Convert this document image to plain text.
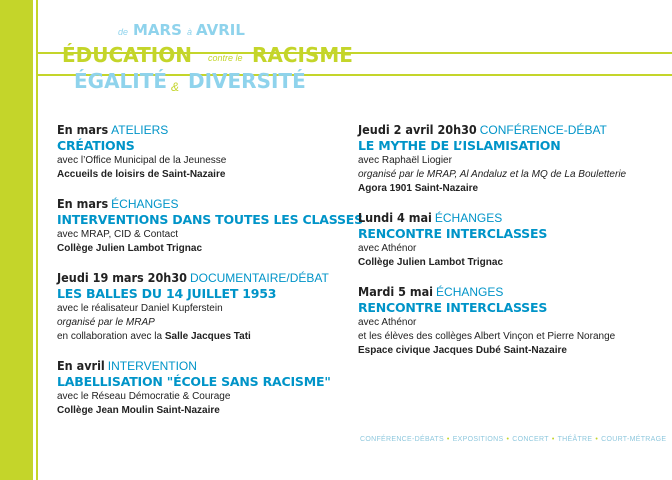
de MARS à AVRIL
ÉDUCATION contre le RACISME
ÉGALITÉ & DIVERSITÉ
En mars ATELIERS
CRÉATIONS
avec l’Office Municipal de la Jeunesse
Accueils de loisirs de Saint-Nazaire
En mars ÉCHANGES
INTERVENTIONS DANS TOUTES LES CLASSES
avec MRAP, CID & Contact
Collège Julien Lambot Trignac
Jeudi 19 mars 20h30 DOCUMENTAIRE/DÉBAT
LES BALLES DU 14 JUILLET 1953
avec le réalisateur Daniel Kupferstein
organisé par le MRAP
en collaboration avec la Salle Jacques Tati
En avril INTERVENTION
LABELLISATION "ÉCOLE SANS RACISME"
avec le Réseau Démocratie & Courage
Collège Jean Moulin Saint-Nazaire
Jeudi 2 avril 20h30 CONFÉRENCE-DÉBAT
LE MYTHE DE L’ISLAMISATION
avec Raphaël Liogier
organisé par le MRAP, Al Andaluz et la MQ de La Bouletterie
Agora 1901 Saint-Nazaire
Lundi 4 mai ÉCHANGES
RENCONTRE INTERCLASSES
avec Athénor
Collège Julien Lambot Trignac
Mardi 5 mai ÉCHANGES
RENCONTRE INTERCLASSES
avec Athénor
et les élèves des collèges Albert Vinçon et Pierre Norange
Espace civique Jacques Dubé Saint-Nazaire
CONFÉRENCE-DÉBATS • EXPOSITIONS • CONCERT • THÉÂTRE • COURT-MÉTRAGE
